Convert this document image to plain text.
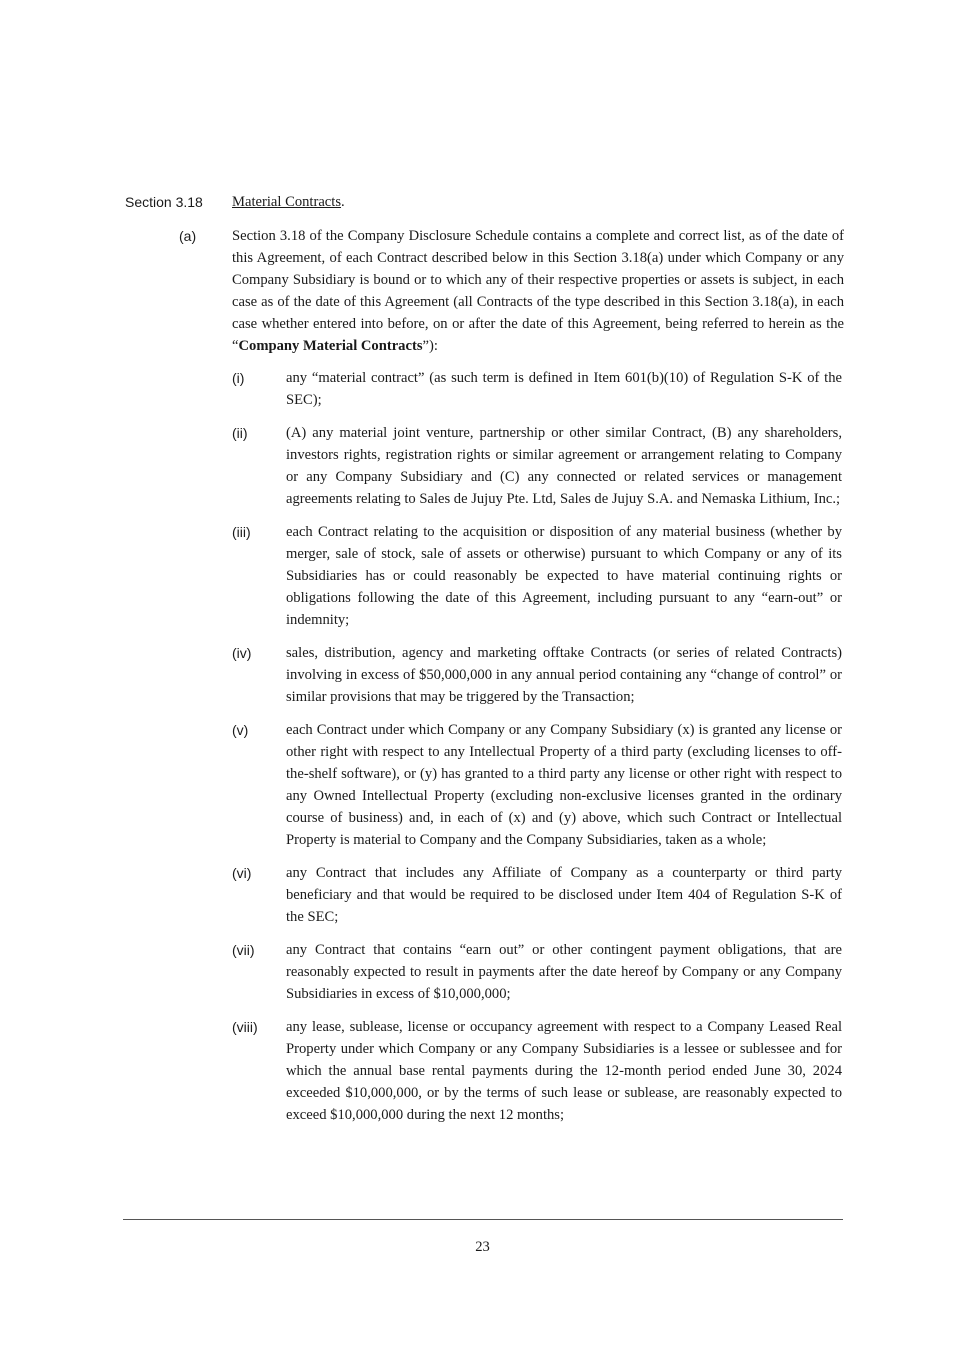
Section 3.18 Material Contracts.
(a) Section 3.18 of the Company Disclosure Schedule contains a complete and correct list, as of the date of this Agreement, of each Contract described below in this Section 3.18(a) under which Company or any Company Subsidiary is bound or to which any of their respective properties or assets is subject, in each case as of the date of this Agreement (all Contracts of the type described in this Section 3.18(a), in each case whether entered into before, on or after the date of this Agreement, being referred to herein as the “Company Material Contracts”):
(i)	any “material contract” (as such term is defined in Item 601(b)(10) of Regulation S-K of the SEC);
(ii)	(A) any material joint venture, partnership or other similar Contract, (B) any shareholders, investors rights, registration rights or similar agreement or arrangement relating to Company or any Company Subsidiary and (C) any connected or related services or management agreements relating to Sales de Jujuy Pte. Ltd, Sales de Jujuy S.A. and Nemaska Lithium, Inc.;
(iii) each Contract relating to the acquisition or disposition of any material business (whether by merger, sale of stock, sale of assets or otherwise) pursuant to which Company or any of its Subsidiaries has or could reasonably be expected to have material continuing rights or obligations following the date of this Agreement, including pursuant to any “earn-out” or indemnity;
(iv) sales, distribution, agency and marketing offtake Contracts (or series of related Contracts) involving in excess of $50,000,000 in any annual period containing any “change of control” or similar provisions that may be triggered by the Transaction;
(v)	each Contract under which Company or any Company Subsidiary (x) is granted any license or other right with respect to any Intellectual Property of a third party (excluding licenses to off-the-shelf software), or (y) has granted to a third party any license or other right with respect to any Owned Intellectual Property (excluding non-exclusive licenses granted in the ordinary course of business) and, in each of (x) and (y) above, which such Contract or Intellectual Property is material to Company and the Company Subsidiaries, taken as a whole;
(vi) any Contract that includes any Affiliate of Company as a counterparty or third party beneficiary and that would be required to be disclosed under Item 404 of Regulation S-K of the SEC;
(vii) any Contract that contains “earn out” or other contingent payment obligations, that are reasonably expected to result in payments after the date hereof by Company or any Company Subsidiaries in excess of $10,000,000;
(viii) any lease, sublease, license or occupancy agreement with respect to a Company Leased Real Property under which Company or any Company Subsidiaries is a lessee or sublessee and for which the annual base rental payments during the 12-month period ended June 30, 2024 exceeded $10,000,000, or by the terms of such lease or sublease, are reasonably expected to exceed $10,000,000 during the next 12 months;
23
